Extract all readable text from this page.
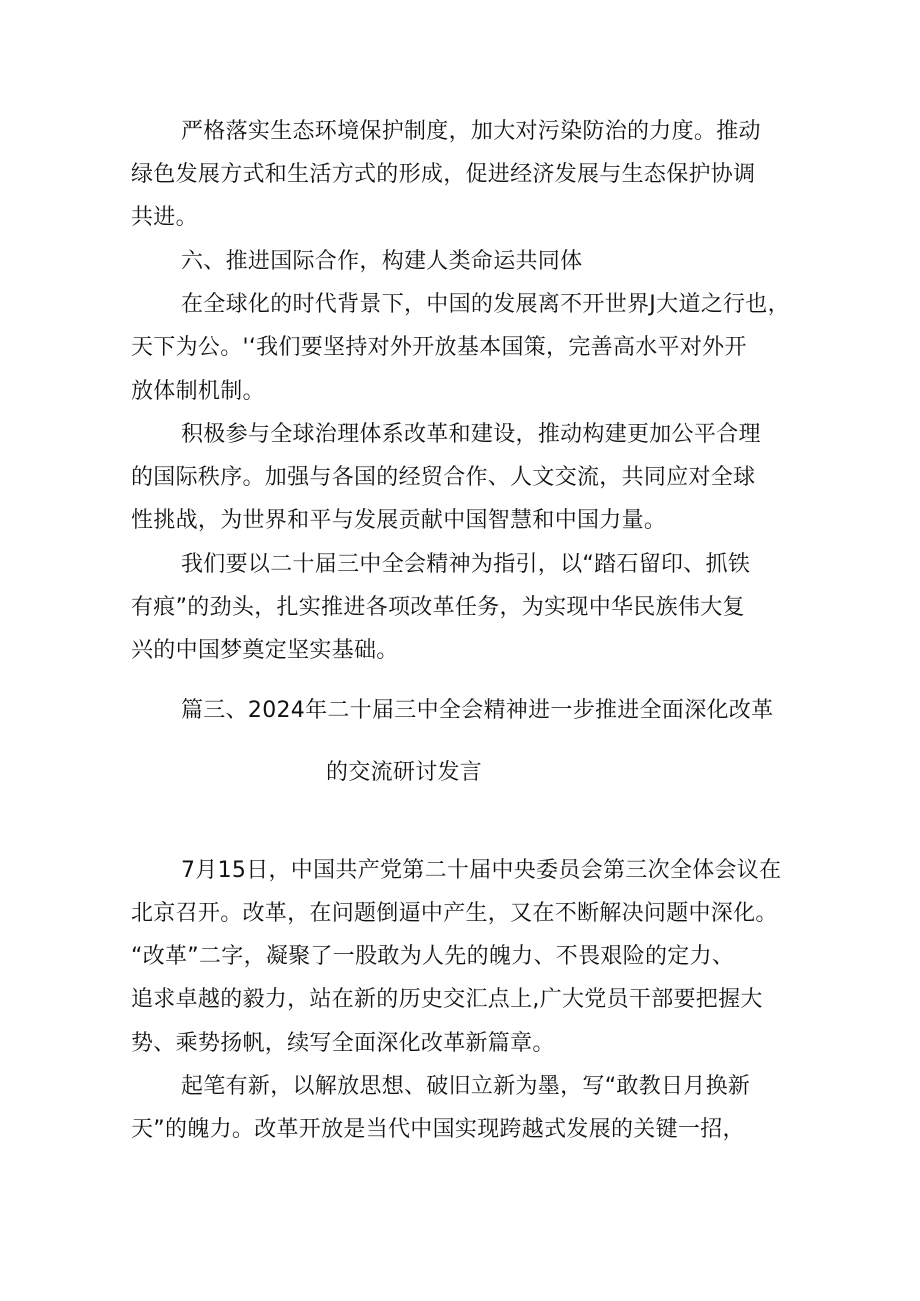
严格落实生态环境保护制度，加大对污染防治的力度。推动
绿色发展方式和生活方式的形成，促进经济发展与生态保护协调
共进。
六、推进国际合作，构建人类命运共同体
在全球化的时代背景下，中国的发展离不开世界J大道之行也，
天下为公。'‘我们要坚持对外开放基本国策，完善高水平对外开
放体制机制。
积极参与全球治理体系改革和建设，推动构建更加公平合理
的国际秩序。加强与各国的经贸合作、人文交流，共同应对全球
性挑战，为世界和平与发展贡献中国智慧和中国力量。
我们要以二十届三中全会精神为指引，以“踏石留印、抓铁
有痕”的劲头，扎实推进各项改革任务，为实现中华民族伟大复
兴的中国梦奠定坚实基础。
篇三、2024年二十届三中全会精神进一步推进全面深化改革
的交流研讨发言
7月15日，中国共产党第二十届中央委员会第三次全体会议在
北京召开。改革，在问题倒逼中产生，又在不断解决问题中深化。
“改革”二字，凝聚了一股敢为人先的魄力、不畏艰险的定力、
追求卓越的毅力，站在新的历史交汇点上,广大党员干部要把握大
势、乘势扬帆，续写全面深化改革新篇章。
起笔有新，以解放思想、破旧立新为墨，写“敢教日月换新
天”的魄力。改革开放是当代中国实现跨越式发展的关键一招，
